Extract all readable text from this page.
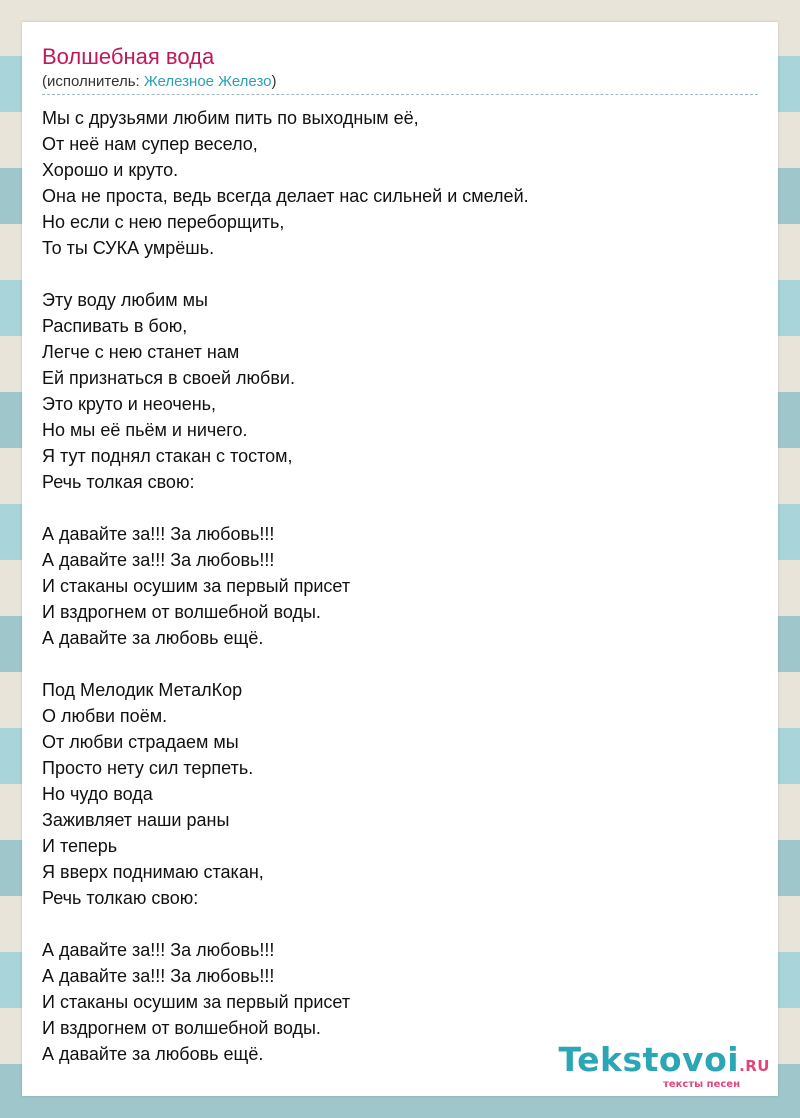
Волшебная вода
(исполнитель: Железное Железо)
Мы с друзьями любим пить по выходным её,
От неё нам супер весело,
Хорошо и круто.
Она не проста, ведь всегда делает нас сильней и смелей.
Но если с нею переборщить,
То ты СУКА умрёшь.
Эту воду любим мы
Распивать в бою,
Легче с нею станет нам
Ей признаться в своей любви.
Это круто и неочень,
Но мы её пьём и ничего.
Я тут поднял стакан с тостом,
Речь толкая свою:
А давайте за!!! За любовь!!!
А давайте за!!! За любовь!!!
И стаканы осушим за первый присет
И вздрогнем от волшебной воды.
А давайте за любовь ещё.
Под Мелодик МеталКор
О любви поём.
От любви страдаем мы
Просто нету сил терпеть.
Но чудо вода
Заживляет наши раны
И теперь
Я вверх поднимаю стакан,
Речь толкаю свою:
А давайте за!!! За любовь!!!
А давайте за!!! За любовь!!!
И стаканы осушим за первый присет
И вздрогнем от волшебной воды.
А давайте за любовь ещё.	Tekstovoi.RU
тексты песен
